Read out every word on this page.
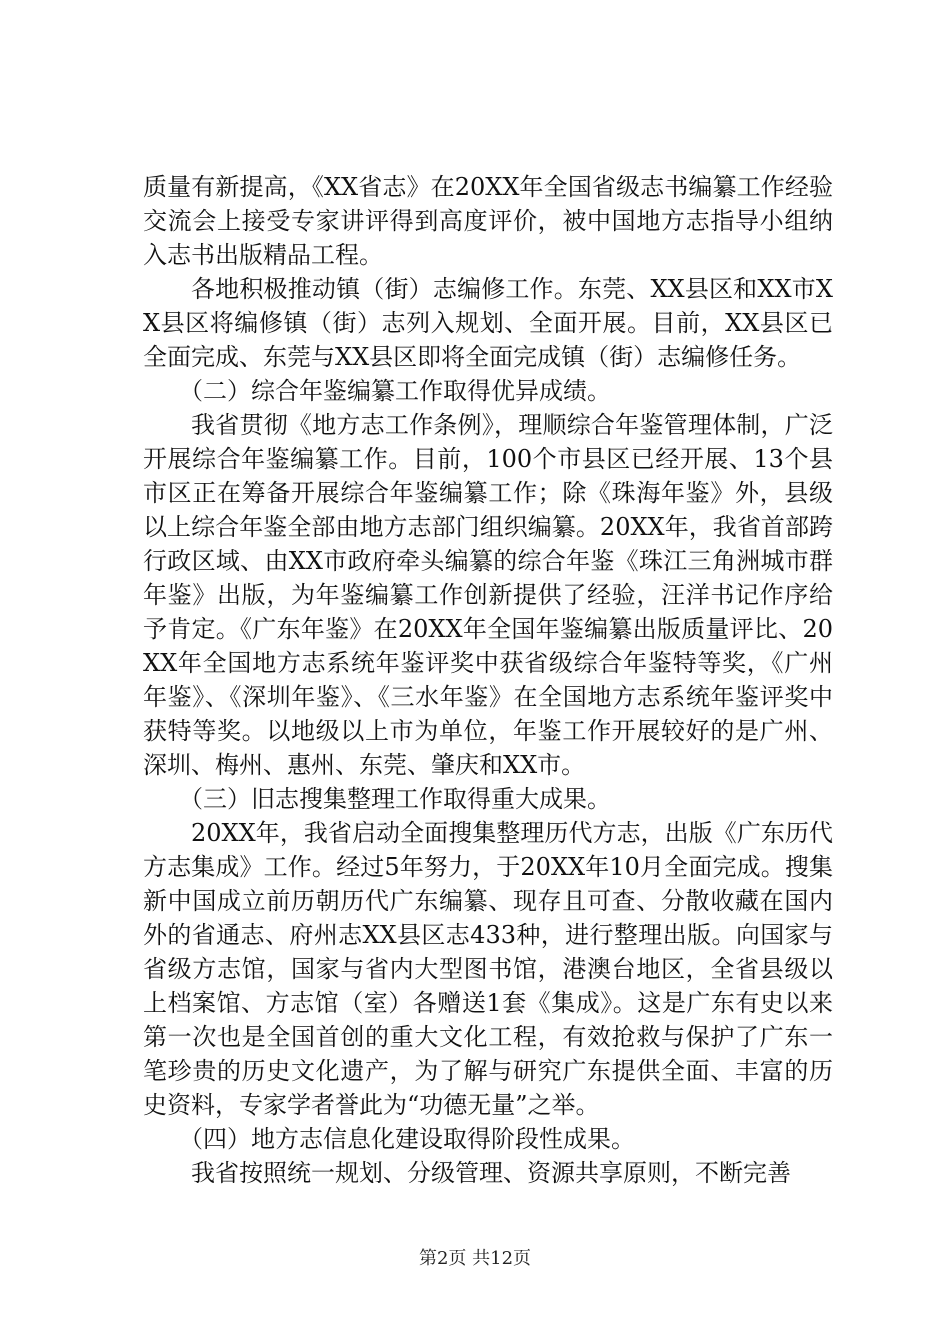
质量有新提高，《XX省志》在20XX年全国省级志书编纂工作经验交流会上接受专家讲评得到高度评价，被中国地方志指导小组纳入志书出版精品工程。

各地积极推动镇（街）志编修工作。东莞、XX县区和XX市XX县区将编修镇（街）志列入规划、全面开展。目前，XX县区已全面完成、东莞与XX县区即将全面完成镇（街）志编修任务。

（二）综合年鉴编纂工作取得优异成绩。

我省贯彻《地方志工作条例》，理顺综合年鉴管理体制，广泛开展综合年鉴编纂工作。目前，100个市县区已经开展、13个县市区正在筹备开展综合年鉴编纂工作；除《珠海年鉴》外，县级以上综合年鉴全部由地方志部门组织编纂。20XX年，我省首部跨行政区域、由XX市政府牵头编纂的综合年鉴《珠江三角洲城市群年鉴》出版，为年鉴编纂工作创新提供了经验，汪洋书记作序给予肯定。《广东年鉴》在20XX年全国年鉴编纂出版质量评比、20XX年全国地方志系统年鉴评奖中获省级综合年鉴特等奖，《广州年鉴》、《深圳年鉴》、《三水年鉴》在全国地方志系统年鉴评奖中获特等奖。以地级以上市为单位，年鉴工作开展较好的是广州、深圳、梅州、惠州、东莞、肇庆和XX市。

（三）旧志搜集整理工作取得重大成果。

20XX年，我省启动全面搜集整理历代方志，出版《广东历代方志集成》工作。经过5年努力，于20XX年10月全面完成。搜集新中国成立前历朝历代广东编纂、现存且可查、分散收藏在国内外的省通志、府州志XX县区志433种，进行整理出版。向国家与省级方志馆，国家与省内大型图书馆，港澳台地区，全省县级以上档案馆、方志馆（室）各赠送1套《集成》。这是广东有史以来第一次也是全国首创的重大文化工程，有效抢救与保护了广东一笔珍贵的历史文化遗产，为了解与研究广东提供全面、丰富的历史资料，专家学者誉此为“功德无量”之举。

（四）地方志信息化建设取得阶段性成果。

我省按照统一规划、分级管理、资源共享原则，不断完善

第2页 共12页
